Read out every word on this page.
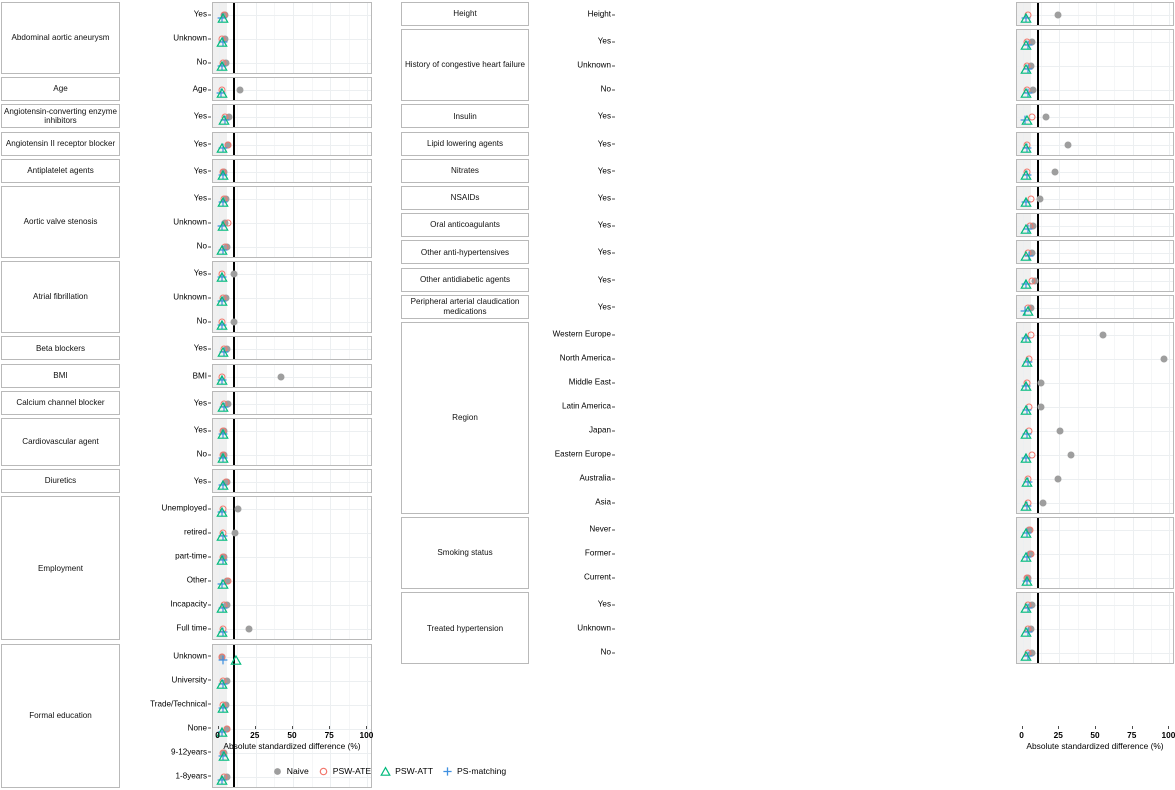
Abdominal aortic aneurysm
Yes
Unknown
No
Age	Age
Angiotensin-converting enzyme inhibitors	Yes
Angiotensin II receptor blocker	Yes
Antiplatelet agents	Yes
Aortic valve stenosis
Yes
Unknown
No
Atrial fibrillation
Yes
Unknown
No
Beta blockers	Yes
BMI	BMI
Calcium channel blocker	Yes
Cardiovascular agent
Yes
No
Diuretics	Yes
Employment
Unemployed
retired
part-time
Other
Incapacity
Full time
Formal education
Unknown
University
Trade/Technical
None
9-12years
1-8years
0	25	50	75	100
Absolute standardized difference (%)
Height	Height
History of congestive heart failure
Yes
Unknown
No
Insulin	Yes
Lipid lowering agents	Yes
Nitrates	Yes
NSAIDs	Yes
Oral anticoagulants	Yes
Other anti-hypertensives	Yes
Other antidiabetic agents	Yes
Peripheral arterial claudication medications	Yes
Region
Western Europe
North America
Middle East
Latin America
Japan
Eastern Europe
Australia
Asia
Smoking status
Never
Former
Current
Treated hypertension
Yes
Unknown
No
0	25	50	75	100
Absolute standardized difference (%)
Naive	PSW-ATE	PSW-ATT	PS-matching
